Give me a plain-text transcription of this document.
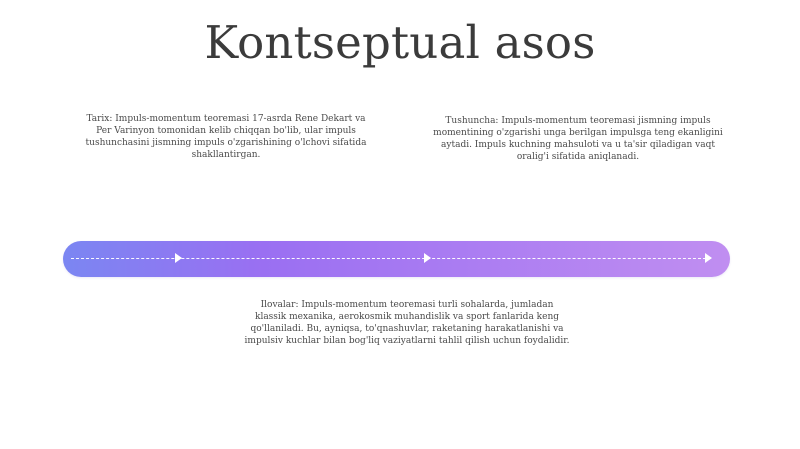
Kontseptual asos
Tarix: Impuls-momentum teoremasi 17-asrda Rene Dekart va Per Varinyon tomonidan kelib chiqqan bo'lib, ular impuls tushunchasini jismning impuls o'zgarishining o'lchovi sifatida shakllantirgan.
Tushuncha: Impuls-momentum teoremasi jismning impuls momentining o'zgarishi unga berilgan impulsga teng ekanligini aytadi. Impuls kuchning mahsuloti va u ta'sir qiladigan vaqt oralig'i sifatida aniqlanadi.
Ilovalar: Impuls-momentum teoremasi turli sohalarda, jumladan klassik mexanika, aerokosmik muhandislik va sport fanlarida keng qo'llaniladi. Bu, ayniqsa, to'qnashuvlar, raketaning harakatlanishi va impulsiv kuchlar bilan bog'liq vaziyatlarni tahlil qilish uchun foydalidir.
